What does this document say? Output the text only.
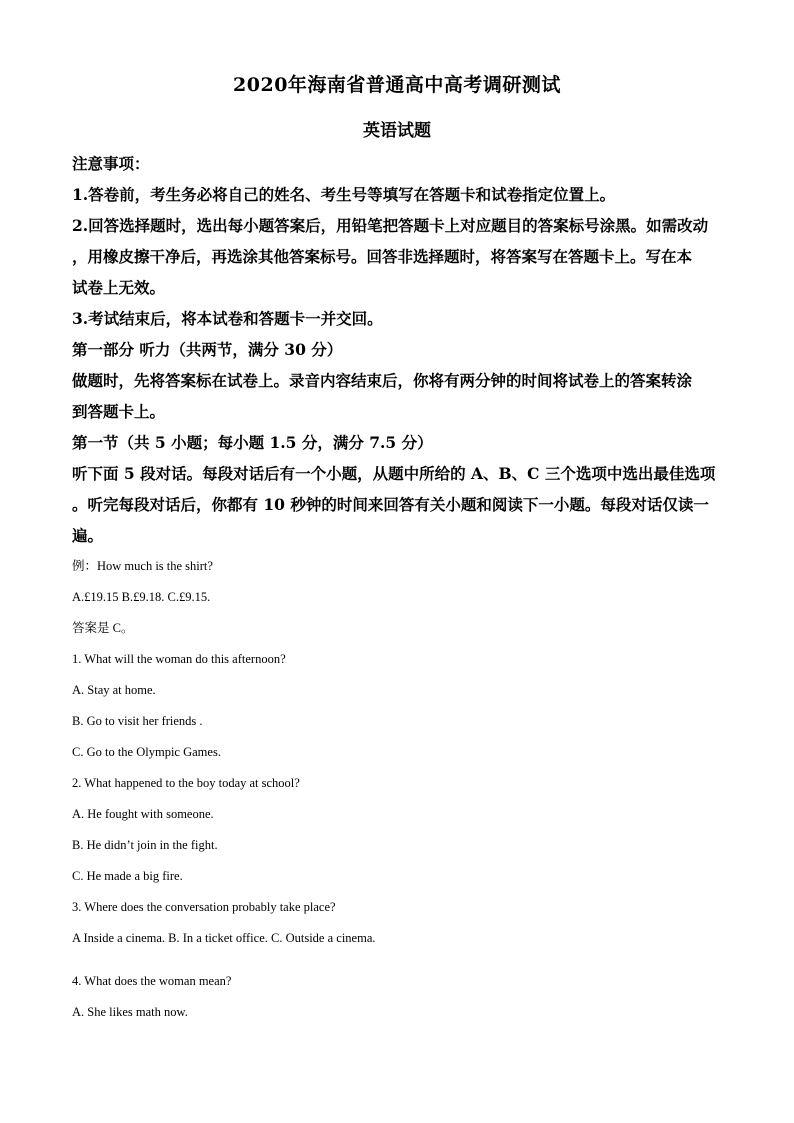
2020年海南省普通高中高考调研测试
英语试题

注意事项：

1.答卷前，考生务必将自己的姓名、考生号等填写在答题卡和试卷指定位置上。

2.回答选择题时，选出每小题答案后，用铅笔把答题卡上对应题目的答案标号涂黑。如需改动

，用橡皮擦干净后，再选涂其他答案标号。回答非选择题时，将答案写在答题卡上。写在本

试卷上无效。

3.考试结束后，将本试卷和答题卡一并交回。

第一部分 听力（共两节，满分 30 分）

做题时，先将答案标在试卷上。录音内容结束后，你将有两分钟的时间将试卷上的答案转涂

到答题卡上。

第一节（共 5 小题；每小题 1.5 分，满分 7.5 分）

听下面 5 段对话。每段对话后有一个小题，从题中所给的 A、B、C 三个选项中选出最佳选项

。听完每段对话后，你都有 10 秒钟的时间来回答有关小题和阅读下一小题。每段对话仅读一

遍。

例：How much is the shirt?

A.£19.15 B.£9.18. C.£9.15.

答案是 C。

1. What will the woman do this afternoon?

A. Stay at home.

B. Go to visit her friends .

C. Go to the Olympic Games.

2. What happened to the boy today at school?

A. He fought with someone.

B. He didn’t join in the fight.

C. He made a big fire.

3. Where does the conversation probably take place?

A Inside a cinema. B. In a ticket office. C. Outside a cinema.

4. What does the woman mean?

A. She likes math now.
